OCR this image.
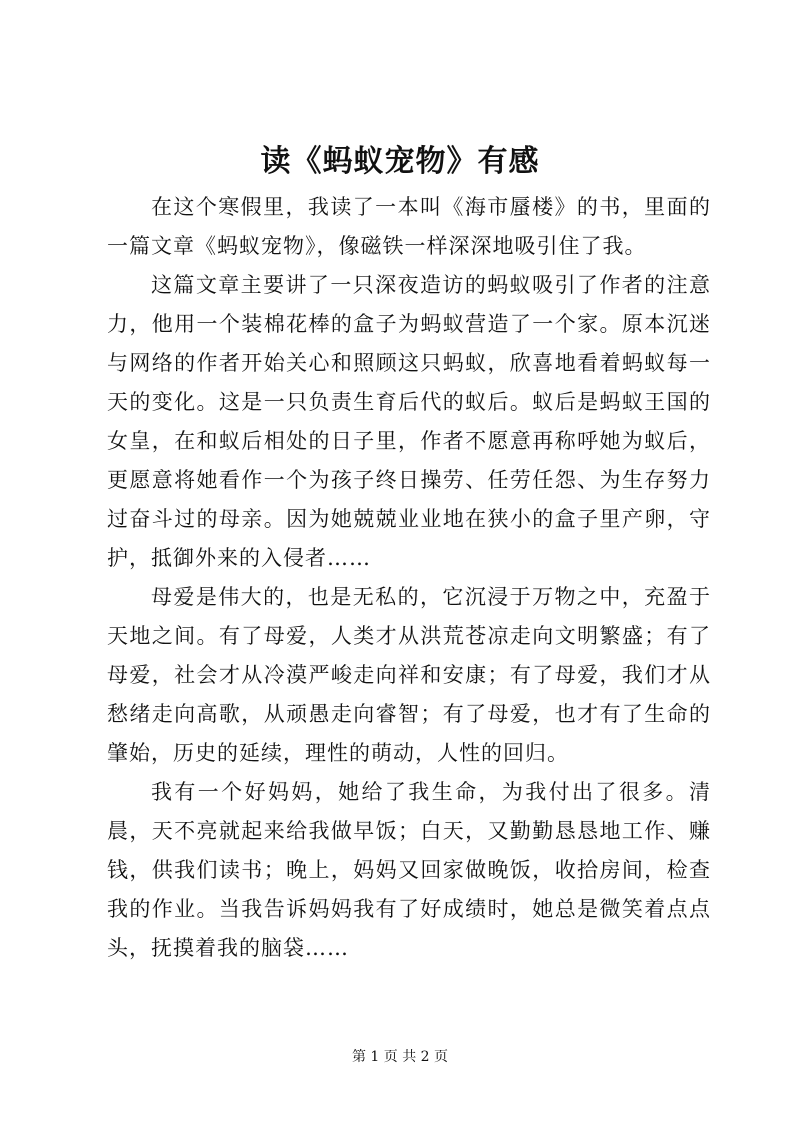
读《蚂蚁宠物》有感

在这个寒假里，我读了一本叫《海市蜃楼》的书，里面的一篇文章《蚂蚁宠物》，像磁铁一样深深地吸引住了我。

这篇文章主要讲了一只深夜造访的蚂蚁吸引了作者的注意力，他用一个装棉花棒的盒子为蚂蚁营造了一个家。原本沉迷与网络的作者开始关心和照顾这只蚂蚁，欣喜地看着蚂蚁每一天的变化。这是一只负责生育后代的蚁后。蚁后是蚂蚁王国的女皇，在和蚁后相处的日子里，作者不愿意再称呼她为蚁后，更愿意将她看作一个为孩子终日操劳、任劳任怨、为生存努力过奋斗过的母亲。因为她兢兢业业地在狭小的盒子里产卵，守护，抵御外来的入侵者……

母爱是伟大的，也是无私的，它沉浸于万物之中，充盈于天地之间。有了母爱，人类才从洪荒苍凉走向文明繁盛；有了母爱，社会才从冷漠严峻走向祥和安康；有了母爱，我们才从愁绪走向高歌，从顽愚走向睿智；有了母爱，也才有了生命的肇始，历史的延续，理性的萌动，人性的回归。

我有一个好妈妈，她给了我生命，为我付出了很多。清晨，天不亮就起来给我做早饭；白天，又勤勤恳恳地工作、赚钱，供我们读书；晚上，妈妈又回家做晚饭，收拾房间，检查我的作业。当我告诉妈妈我有了好成绩时，她总是微笑着点点头，抚摸着我的脑袋……

第 1 页 共 2 页
